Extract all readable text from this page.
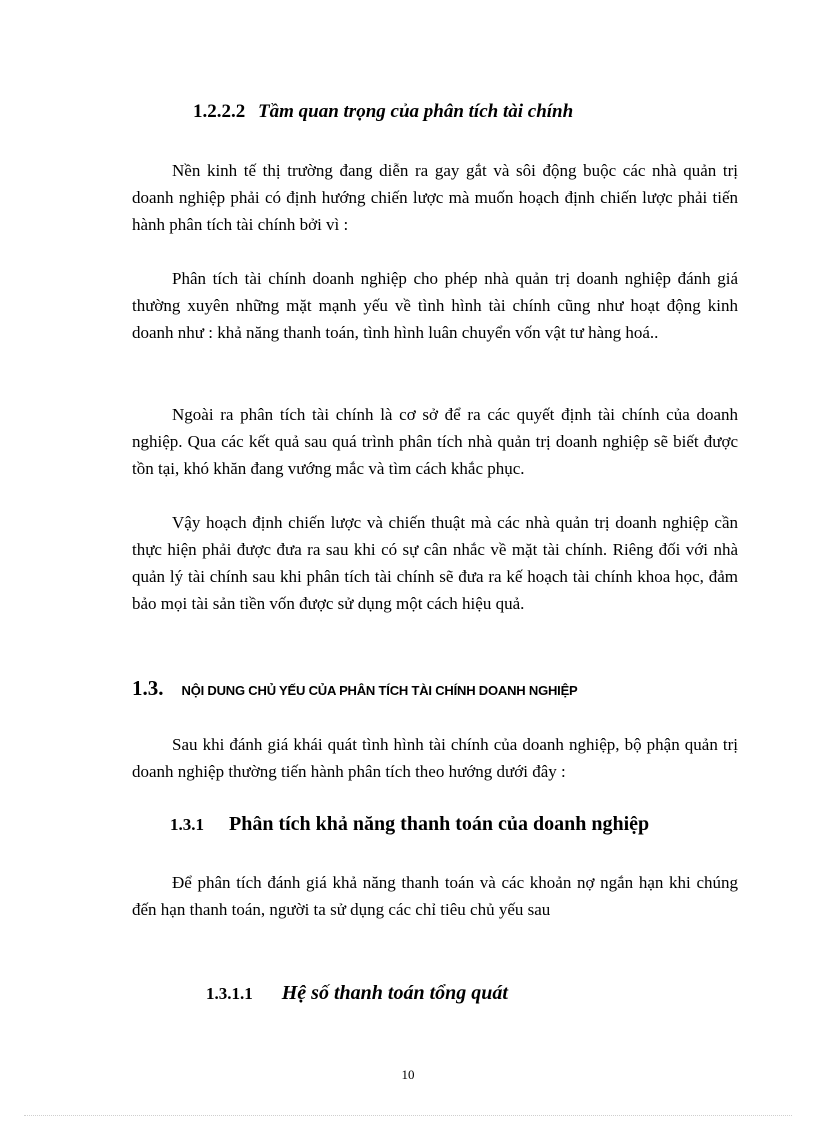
1.2.2.2 Tầm quan trọng của phân tích tài chính

Nền kinh tế thị trường đang diễn ra gay gắt và sôi động buộc các nhà quản trị doanh nghiệp phải có định hướng chiến lược mà muốn hoạch định chiến lược phải tiến hành phân tích tài chính bởi vì :

Phân tích tài chính doanh nghiệp cho phép nhà quản trị doanh nghiệp đánh giá thường xuyên những mặt mạnh yếu về tình hình tài chính cũng như hoạt động kinh doanh như : khả năng thanh toán, tình hình luân chuyển vốn vật tư hàng hoá..

Ngoài ra phân tích tài chính là cơ sở để ra các quyết định tài chính của doanh nghiệp. Qua các kết quả sau quá trình phân tích nhà quản trị doanh nghiệp sẽ biết được tồn tại, khó khăn đang vướng mắc và tìm cách khắc phục.

Vậy hoạch định chiến lược và chiến thuật mà các nhà quản trị doanh nghiệp cần thực hiện phải được đưa ra sau khi có sự cân nhắc về mặt tài chính. Riêng đối với nhà quản lý tài chính sau khi phân tích tài chính sẽ đưa ra kế hoạch tài chính khoa học, đảm bảo mọi tài sản tiền vốn được sử dụng một cách hiệu quả.

1.3. NỘI DUNG CHỦ YẾU CỦA PHÂN TÍCH TÀI CHÍNH DOANH NGHIỆP

Sau khi đánh giá khái quát tình hình tài chính của doanh nghiệp, bộ phận quản trị doanh nghiệp thường tiến hành phân tích theo hướng dưới đây :

1.3.1 Phân tích khả năng thanh toán của doanh nghiệp

Để phân tích đánh giá khả năng thanh toán và các khoản nợ ngắn hạn khi chúng đến hạn thanh toán, người ta sử dụng các chỉ tiêu chủ yếu sau

1.3.1.1 Hệ số thanh toán tổng quát
10
